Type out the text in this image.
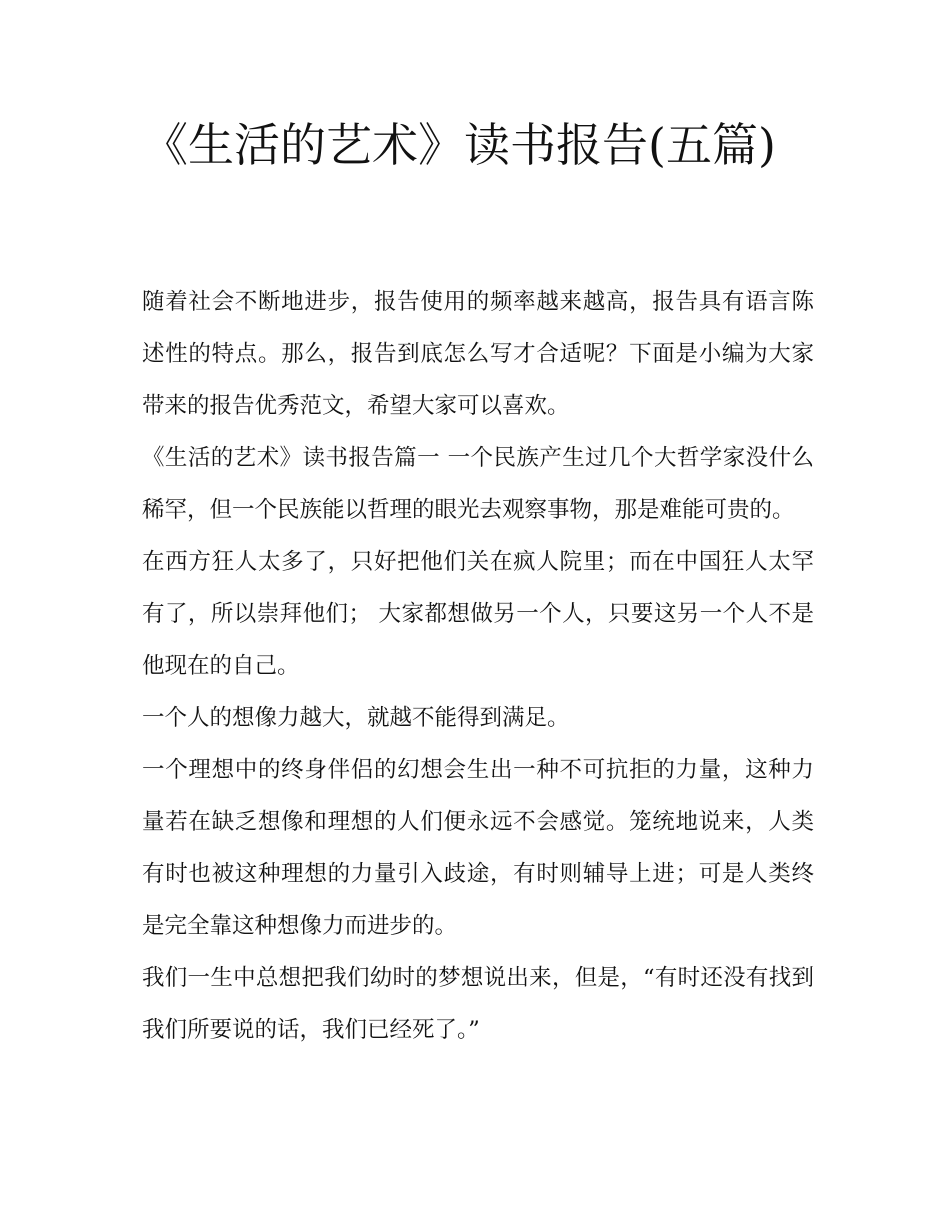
《生活的艺术》读书报告(五篇)

随着社会不断地进步，报告使用的频率越来越高，报告具有语言陈述性的特点。那么，报告到底怎么写才合适呢？下面是小编为大家带来的报告优秀范文，希望大家可以喜欢。

《生活的艺术》读书报告篇一 一个民族产生过几个大哲学家没什么稀罕，但一个民族能以哲理的眼光去观察事物，那是难能可贵的。

在西方狂人太多了，只好把他们关在疯人院里；而在中国狂人太罕有了，所以崇拜他们； 大家都想做另一个人，只要这另一个人不是他现在的自己。

一个人的想像力越大，就越不能得到满足。

一个理想中的终身伴侣的幻想会生出一种不可抗拒的力量，这种力量若在缺乏想像和理想的人们便永远不会感觉。笼统地说来，人类有时也被这种理想的力量引入歧途，有时则辅导上进；可是人类终是完全靠这种想像力而进步的。

我们一生中总想把我们幼时的梦想说出来，但是，“有时还没有找到我们所要说的话，我们已经死了。”
